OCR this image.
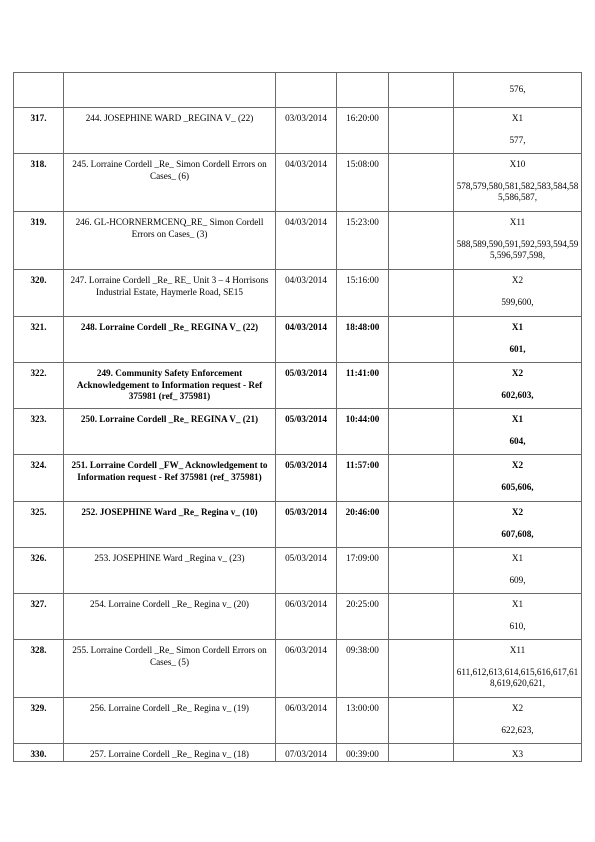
					576,

317.	244. JOSEPHINE WARD _REGINA V_ (22)	03/03/2014	16:20:00		X1
577,

318.	245. Lorraine Cordell _Re_ Simon Cordell Errors on Cases_ (6)	04/03/2014	15:08:00		X10
578,579,580,581,582,583,584,585,586,587,

319.	246. GL-HCORNERMCENQ_RE_ Simon Cordell Errors on Cases_ (3)	04/03/2014	15:23:00		X11
588,589,590,591,592,593,594,595,596,597,598,

320.	247. Lorraine Cordell _Re_ RE_ Unit 3 – 4 Horrisons Industrial Estate, Haymerle Road, SE15	04/03/2014	15:16:00		X2
599,600,

321.	248. Lorraine Cordell _Re_ REGINA V_ (22)	04/03/2014	18:48:00		X1
601,

322.	249. Community Safety Enforcement Acknowledgement to Information request - Ref 375981 (ref_ 375981)	05/03/2014	11:41:00		X2
602,603,

323.	250. Lorraine Cordell _Re_ REGINA V_ (21)	05/03/2014	10:44:00		X1
604,

324.	251. Lorraine Cordell _FW_ Acknowledgement to Information request - Ref 375981 (ref_ 375981)	05/03/2014	11:57:00		X2
605,606,

325.	252. JOSEPHINE Ward _Re_ Regina v_ (10)	05/03/2014	20:46:00		X2
607,608,

326.	253. JOSEPHINE Ward _Regina v_ (23)	05/03/2014	17:09:00		X1
609,

327.	254. Lorraine Cordell _Re_ Regina v_ (20)	06/03/2014	20:25:00		X1
610,

328.	255. Lorraine Cordell _Re_ Simon Cordell Errors on Cases_ (5)	06/03/2014	09:38:00		X11
611,612,613,614,615,616,617,618,619,620,621,

329.	256. Lorraine Cordell _Re_ Regina v_ (19)	06/03/2014	13:00:00		X2
622,623,

330.	257. Lorraine Cordell _Re_ Regina v_ (18)	07/03/2014	00:39:00		X3
